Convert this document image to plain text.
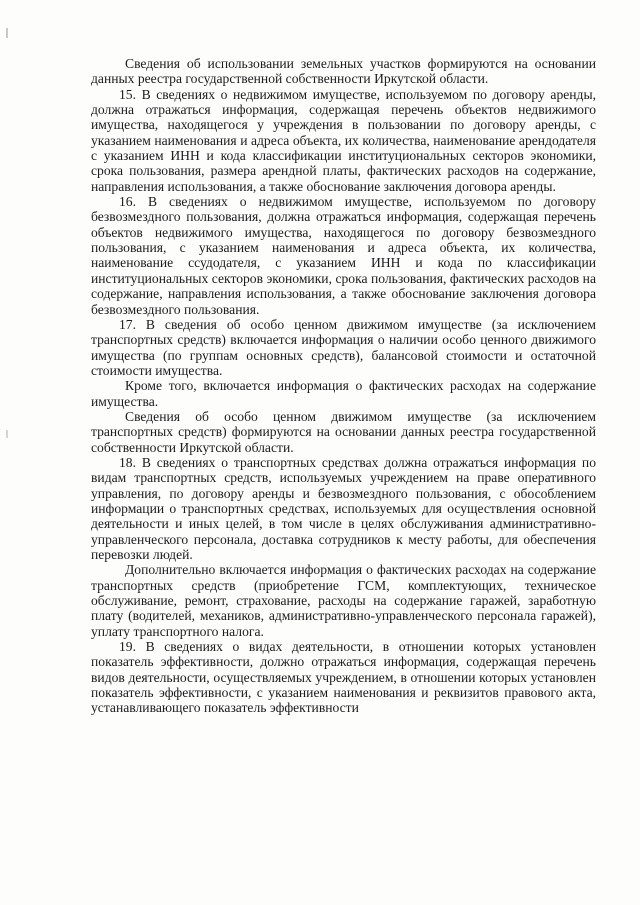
Сведения об использовании земельных участков формируются на основании данных реестра государственной собственности Иркутской области.

15. В сведениях о недвижимом имуществе, используемом по договору аренды, должна отражаться информация, содержащая перечень объектов недвижимого имущества, находящегося у учреждения в пользовании по договору аренды, с указанием наименования и адреса объекта, их количества, наименование арендодателя с указанием ИНН и кода классификации институциональных секторов экономики, срока пользования, размера арендной платы, фактических расходов на содержание, направления использования, а также обоснование заключения договора аренды.

16. В сведениях о недвижимом имуществе, используемом по договору безвозмездного пользования, должна отражаться информация, содержащая перечень объектов недвижимого имущества, находящегося по договору безвозмездного пользования, с указанием наименования и адреса объекта, их количества, наименование ссудодателя, с указанием ИНН и кода по классификации институциональных секторов экономики, срока пользования, фактических расходов на содержание, направления использования, а также обоснование заключения договора безвозмездного пользования.

17. В сведения об особо ценном движимом имуществе (за исключением транспортных средств) включается информация о наличии особо ценного движимого имущества (по группам основных средств), балансовой стоимости и остаточной стоимости имущества.

Кроме того, включается информация о фактических расходах на содержание имущества.

Сведения об особо ценном движимом имуществе (за исключением транспортных средств) формируются на основании данных реестра государственной собственности Иркутской области.

18. В сведениях о транспортных средствах должна отражаться информация по видам транспортных средств, используемых учреждением на праве оперативного управления, по договору аренды и безвозмездного пользования, с обособлением информации о транспортных средствах, используемых для осуществления основной деятельности и иных целей, в том числе в целях обслуживания административно-управленческого персонала, доставка сотрудников к месту работы, для обеспечения перевозки людей.

Дополнительно включается информация о фактических расходах на содержание транспортных средств (приобретение ГСМ, комплектующих, техническое обслуживание, ремонт, страхование, расходы на содержание гаражей, заработную плату (водителей, механиков, административно-управленческого персонала гаражей), уплату транспортного налога.

19. В сведениях о видах деятельности, в отношении которых установлен показатель эффективности, должно отражаться информация, содержащая перечень видов деятельности, осуществляемых учреждением, в отношении которых установлен показатель эффективности, с указанием наименования и реквизитов правового акта, устанавливающего показатель эффективности
